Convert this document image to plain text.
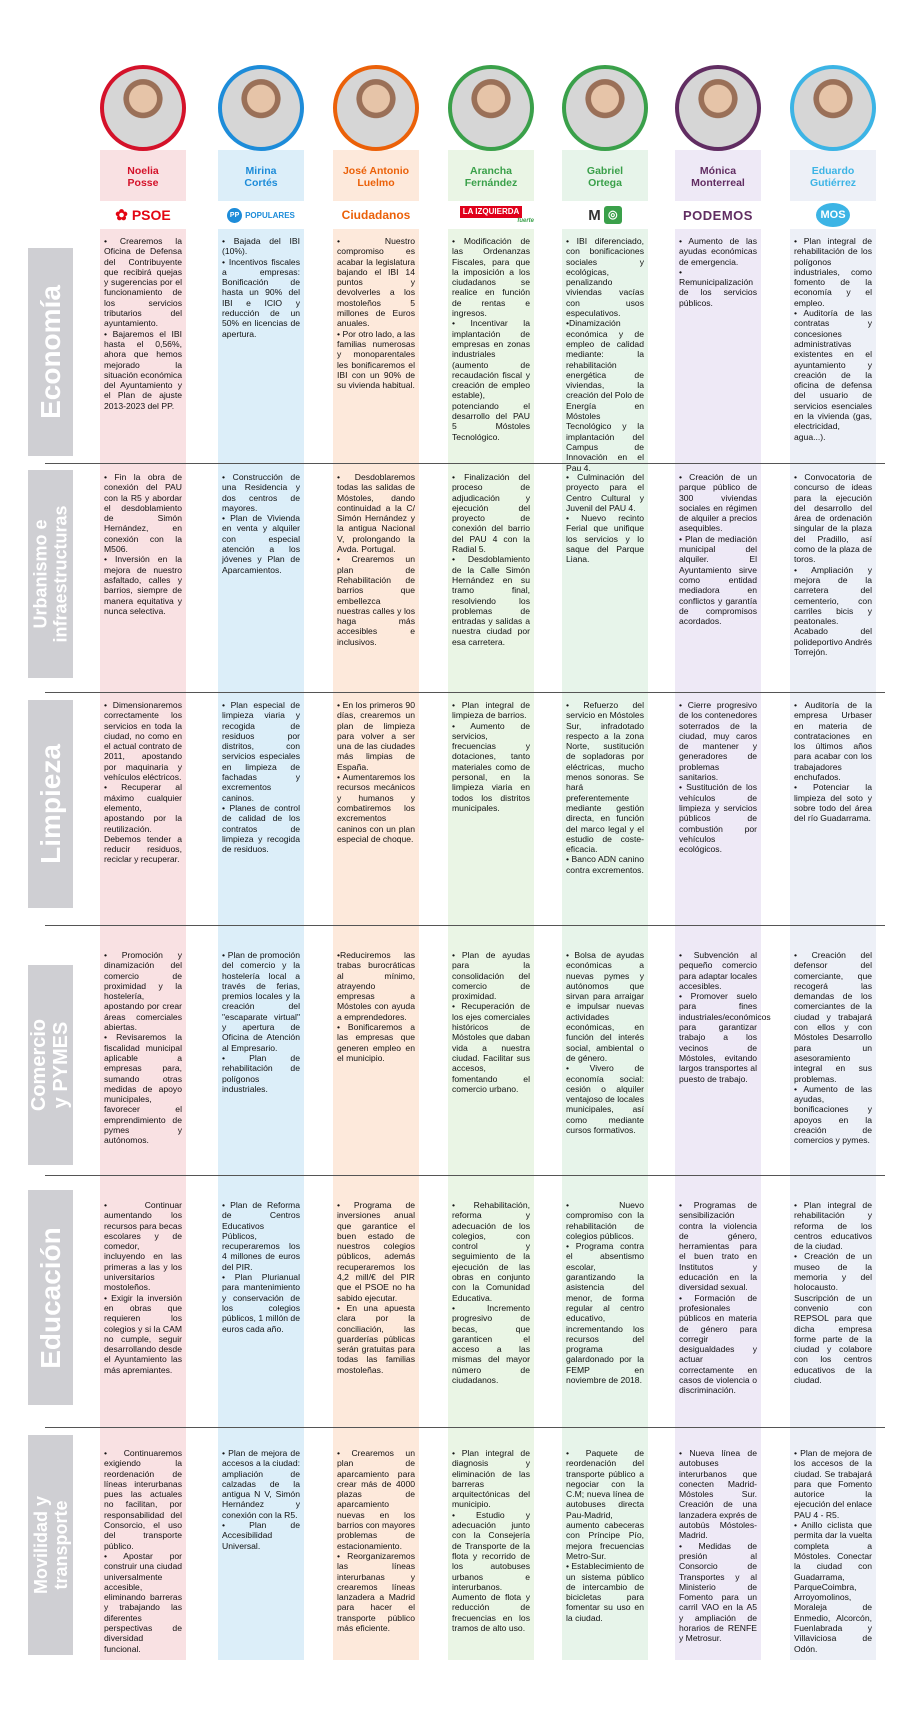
Noelia
Posse
✿ PSOE
Mirina
Cortés
PP POPULARES
José Antonio
Luelmo
Ciudadanos
Arancha
Fernández
LA IZQUIERDA
fuerte
Gabriel
Ortega
M ◎
Mónica
Monterreal
PODEMOS
Eduardo
Gutiérrez
MOS
Economía
Urbanismo e
infraestructuras
Limpieza
Comercio
y PYMES
Educación
Movilidad y
transporte
• Crearemos la Oficina de Defensa del Contribuyente que recibirá quejas y sugerencias por el funcionamiento de los servicios tributarios del ayuntamiento.
• Bajaremos el IBI hasta el 0,56%, ahora que hemos mejorado la situación económica del Ayuntamiento y el Plan de ajuste 2013-2023 del PP.
• Bajada del IBI (10%).
• Incentivos fiscales a empresas: Bonificación de hasta un 90% del IBI e ICIO y reducción de un 50% en licencias de apertura.
• Nuestro compromiso es acabar la legislatura bajando el IBI 14 puntos y devolverles a los mostoleños 5 millones de Euros anuales.
• Por otro lado, a las familias numerosas y monoparentales les bonificaremos el IBI con un 90% de su vivienda habitual.
• Modificación de las Ordenanzas Fiscales, para que la imposición a los ciudadanos se realice en función de rentas e ingresos.
• Incentivar la implantación de empresas en zonas industriales (aumento de recaudación fiscal y creación de empleo estable), potenciando el desarrollo del PAU 5 Móstoles Tecnológico.
• IBI diferenciado, con bonificaciones sociales y ecológicas, penalizando viviendas vacías con usos especulativos.
•Dinamización económica y de empleo de calidad mediante: la rehabilitación energética de viviendas, la creación del Polo de Energía en Móstoles Tecnológico y la implantación del Campus de Innovación en el Pau 4.
• Aumento de las ayudas económicas de emergencia.
• Remunicipalización de los servicios públicos.
• Plan integral de rehabilitación de los polígonos industriales, como fomento de la economía y el empleo.
• Auditoría de las contratas y concesiones administrativas existentes en el ayuntamiento y creación de la oficina de defensa del usuario de servicios esenciales en la vivienda (gas, electricidad, agua...).
• Fin la obra de conexión del PAU con la R5 y abordar el desdoblamiento de Simón Hernández, en conexión con la M506.
• Inversión en la mejora de nuestro asfaltado, calles y barrios, siempre de manera equitativa y nunca selectiva.
• Construcción de una Residencia y dos centros de mayores.
• Plan de Vivienda en venta y alquiler con especial atención a los jóvenes y Plan de Aparcamientos.
• Desdoblaremos todas las salidas de Móstoles, dando continuidad a la C/ Simón Hernández y la antigua Nacional V, prolongando la Avda. Portugal.
• Crearemos un plan de Rehabilitación de barrios que embellezca nuestras calles y los haga más accesibles e inclusivos.
• Finalización del proceso de adjudicación y ejecución del proyecto de conexión del barrio del PAU 4 con la Radial 5.
• Desdoblamiento de la Calle Simón Hernández en su tramo final, resolviendo los problemas de entradas y salidas a nuestra ciudad por esa carretera.
• Culminación del proyecto para el Centro Cultural y Juvenil del PAU 4.
• Nuevo recinto Ferial que unifique los servicios y lo saque del Parque Liana.
• Creación de un parque público de 300 viviendas sociales en régimen de alquiler a precios asequibles.
• Plan de mediación municipal del alquiler. El Ayuntamiento sirve como entidad mediadora en conflictos y garantía de compromisos acordados.
• Convocatoria de concurso de ideas para la ejecución del desarrollo del área de ordenación singular de la plaza del Pradillo, así como de la plaza de toros.
• Ampliación y mejora de la carretera del cementerio, con carriles bicis y peatonales. Acabado del polideportivo Andrés Torrejón.
• Dimensionaremos correctamente los servicios en toda la ciudad, no como en el actual contrato de 2011, apostando por maquinaria y vehículos eléctricos.
• Recuperar al máximo cualquier elemento, apostando por la reutilización. Debemos tender a reducir residuos, reciclar y recuperar.
• Plan especial de limpieza viaria y recogida de residuos por distritos, con servicios especiales en limpieza de fachadas y excrementos caninos.
• Planes de control de calidad de los contratos de limpieza y recogida de residuos.
• En los primeros 90 días, crearemos un plan de limpieza para volver a ser una de las ciudades más limpias de España.
• Aumentaremos los recursos mecánicos y humanos y combatiremos los excrementos caninos con un plan especial de choque.
• Plan integral de limpieza de barrios.
• Aumento de servicios, frecuencias y dotaciones, tanto materiales como de personal, en la limpieza viaria en todos los distritos municipales.
• Refuerzo del servicio en Móstoles Sur, infradotado respecto a la zona Norte, sustitución de sopladoras por eléctricas, mucho menos sonoras. Se hará preferentemente mediante gestión directa, en función del marco legal y el estudio de coste-eficacia.
• Banco ADN canino contra excrementos.
• Cierre progresivo de los contenedores soterrados de la ciudad, muy caros de mantener y generadores de problemas sanitarios.
• Sustitución de los vehículos de limpieza y servicios públicos de combustión por vehículos ecológicos.
• Auditoría de la empresa Urbaser en materia de contrataciones en los últimos años para acabar con los trabajadores enchufados.
• Potenciar la limpieza del soto y sobre todo del área del río Guadarrama.
• Promoción y dinamización del comercio de proximidad y la hostelería, apostando por crear áreas comerciales abiertas.
• Revisaremos la fiscalidad municipal aplicable a empresas para, sumando otras medidas de apoyo municipales, favorecer el emprendimiento de pymes y autónomos.
• Plan de promoción del comercio y la hostelería local a través de ferias, premios locales y la creación del "escaparate virtual" y apertura de Oficina de Atención al Empresario.
• Plan de rehabilitación de polígonos industriales.
•Reduciremos las trabas burocráticas al mínimo, atrayendo empresas a Móstoles con ayuda a emprendedores.
• Bonificaremos a las empresas que generen empleo en el municipio.
• Plan de ayudas para la consolidación del comercio de proximidad.
• Recuperación de los ejes comerciales históricos de Móstoles que daban vida a nuestra ciudad. Facilitar sus accesos, fomentando el comercio urbano.
• Bolsa de ayudas económicas a nuevas pymes y autónomos que sirvan para arraigar e impulsar nuevas actividades económicas, en función del interés social, ambiental o de género.
• Vivero de economía social: cesión o alquiler ventajoso de locales municipales, así como mediante cursos formativos.
• Subvención al pequeño comercio para adaptar locales accesibles.
• Promover suelo para fines industriales/económicos para garantizar trabajo a los vecinos de Móstoles, evitando largos transportes al puesto de trabajo.
• Creación del defensor del comerciante, que recogerá las demandas de los comerciantes de la ciudad y trabajará con ellos y con Móstoles Desarrollo para un asesoramiento integral en sus problemas.
• Aumento de las ayudas, bonificaciones y apoyos en la creación de comercios y pymes.
• Continuar aumentando los recursos para becas escolares y de comedor, incluyendo en las primeras a las y los universitarios mostoleños.
• Exigir la inversión en obras que requieren los colegios y si la CAM no cumple, seguir desarrollando desde el Ayuntamiento las más apremiantes.
• Plan de Reforma de Centros Educativos Públicos, recuperaremos los 4 millones de euros del PIR.
• Plan Plurianual para mantenimiento y conservación de los colegios públicos, 1 millón de euros cada año.
• Programa de inversiones anual que garantice el buen estado de nuestros colegios públicos, además recuperaremos los 4,2 mill/€ del PIR que el PSOE no ha sabido ejecutar.
• En una apuesta clara por la conciliación, las guarderías públicas serán gratuitas para todas las familias mostoleñas.
• Rehabilitación, reforma y adecuación de los colegios, con control y seguimiento de la ejecución de las obras en conjunto con la Comunidad Educativa.
• Incremento progresivo de becas, que garanticen el acceso a las mismas del mayor número de ciudadanos.
• Nuevo compromiso con la rehabilitación de colegios públicos.
• Programa contra el absentismo escolar, garantizando la asistencia del menor, de forma regular al centro educativo, incrementando los recursos del programa galardonado por la FEMP en noviembre de 2018.
• Programas de sensibilización contra la violencia de género, herramientas para el buen trato en Institutos y educación en la diversidad sexual.
• Formación de profesionales públicos en materia de género para corregir desigualdades y actuar correctamente en casos de violencia o discriminación.
• Plan integral de rehabilitación y reforma de los centros educativos de la ciudad.
• Creación de un museo de la memoria y del holocausto. Suscripción de un convenio con REPSOL para que dicha empresa forme parte de la ciudad y colabore con los centros educativos de la ciudad.
• Continuaremos exigiendo la reordenación de líneas interurbanas pues las actuales no facilitan, por responsabilidad del Consorcio, el uso del transporte público.
• Apostar por construir una ciudad universalmente accesible, eliminando barreras y trabajando las diferentes perspectivas de diversidad funcional.
• Plan de mejora de accesos a la ciudad: ampliación de calzadas de la antigua N V, Simón Hernández y conexión con la R5.
• Plan de Accesibilidad Universal.
• Crearemos un plan de aparcamiento para crear más de 4000 plazas de aparcamiento nuevas en los barrios con mayores problemas de estacionamiento.
• Reorganizaremos las líneas interurbanas y crearemos líneas lanzadera a Madrid para hacer el transporte público más eficiente.
• Plan integral de diagnosis y eliminación de las barreras arquitectónicas del municipio.
• Estudio y adecuación junto con la Consejería de Transporte de la flota y recorrido de los autobuses urbanos e interurbanos. Aumento de flota y reducción de frecuencias en los tramos de alto uso.
• Paquete de reordenación del transporte público a negociar con la C.M; nueva línea de autobuses directa Pau-Madrid, aumento cabeceras con Príncipe Pío, mejora frecuencias Metro-Sur.
• Establecimiento de un sistema público de intercambio de bicicletas para fomentar su uso en la ciudad.
• Nueva línea de autobuses interurbanos que conecten Madrid-Móstoles Sur. Creación de una lanzadera exprés de autobús Móstoles-Madrid.
• Medidas de presión al Consorcio de Transportes y al Ministerio de Fomento para un carril VAO en la A5 y ampliación de horarios de RENFE y Metrosur.
• Plan de mejora de los accesos de la ciudad. Se trabajará para que Fomento autorice la ejecución del enlace PAU 4 - R5.
• Anillo ciclista que permita dar la vuelta completa a Móstoles. Conectar la ciudad con Guadarrama, ParqueCoimbra, Arroyomolinos, Moraleja de Enmedio, Alcorcón, Fuenlabrada y Villaviciosa de Odón.
